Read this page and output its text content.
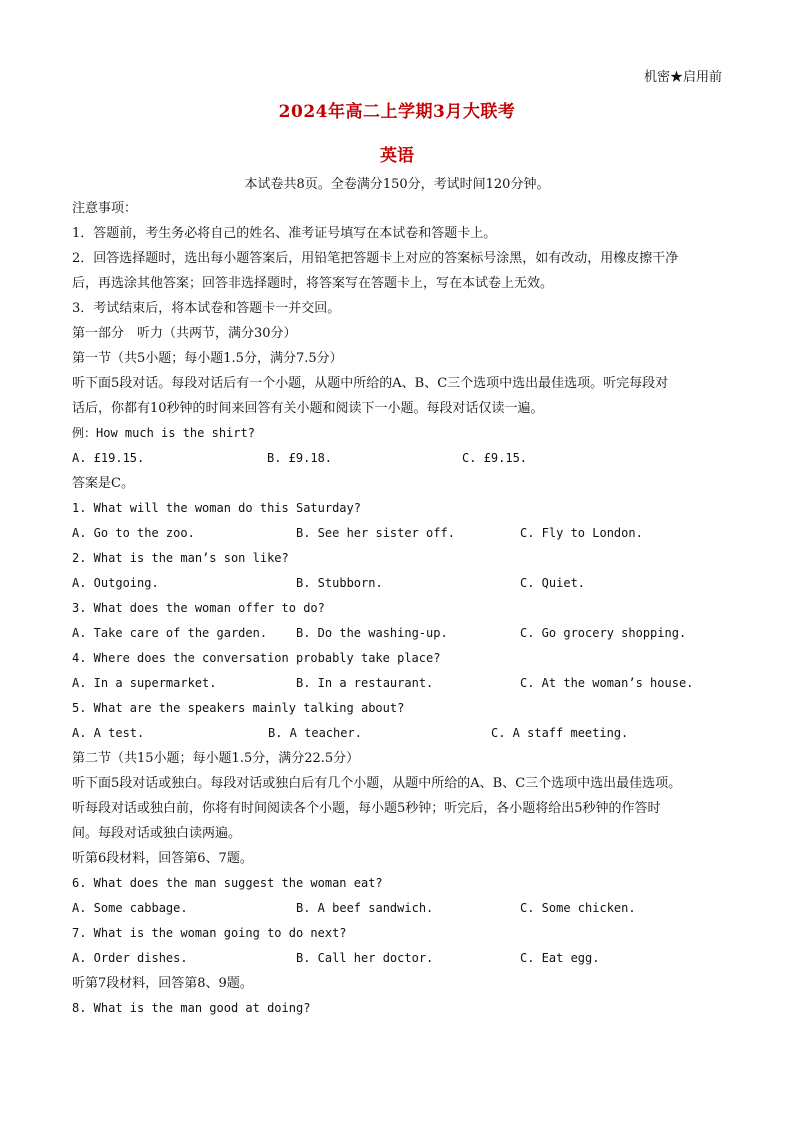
机密★启用前
2024年高二上学期3月大联考
英语
本试卷共8页。全卷满分150分，考试时间120分钟。
注意事项：
1．答题前，考生务必将自己的姓名、准考证号填写在本试卷和答题卡上。
2．回答选择题时，选出每小题答案后，用铅笔把答题卡上对应的答案标号涂黑，如有改动，用橡皮擦干净
后，再选涂其他答案；回答非选择题时，将答案写在答题卡上，写在本试卷上无效。
3．考试结束后，将本试卷和答题卡一并交回。
第一部分　听力（共两节，满分30分）
第一节（共5小题；每小题1.5分，满分7.5分）
听下面5段对话。每段对话后有一个小题，从题中所给的A、B、C三个选项中选出最佳选项。听完每段对
话后，你都有10秒钟的时间来回答有关小题和阅读下一小题。每段对话仅读一遍。
例：How much is the shirt?
A. £19.15.	B. £9.18.	C. £9.15.
答案是C。
1. What will the woman do this Saturday?
A. Go to the zoo.	B. See her sister off.	C. Fly to London.
2. What is the man’s son like?
A. Outgoing.	B. Stubborn.	C. Quiet.
3. What does the woman offer to do?
A. Take care of the garden.	B. Do the washing-up.	C. Go grocery shopping.
4. Where does the conversation probably take place?
A. In a supermarket.	B. In a restaurant.	C. At the woman’s house.
5. What are the speakers mainly talking about?
A. A test.	B. A teacher.	C. A staff meeting.
第二节（共15小题；每小题1.5分，满分22.5分）
听下面5段对话或独白。每段对话或独白后有几个小题，从题中所给的A、B、C三个选项中选出最佳选项。
听每段对话或独白前，你将有时间阅读各个小题，每小题5秒钟；听完后，各小题将给出5秒钟的作答时
间。每段对话或独白读两遍。
听第6段材料，回答第6、7题。
6. What does the man suggest the woman eat?
A. Some cabbage.	B. A beef sandwich.	C. Some chicken.
7. What is the woman going to do next?
A. Order dishes.	B. Call her doctor.	C. Eat egg.
听第7段材料，回答第8、9题。
8. What is the man good at doing?
